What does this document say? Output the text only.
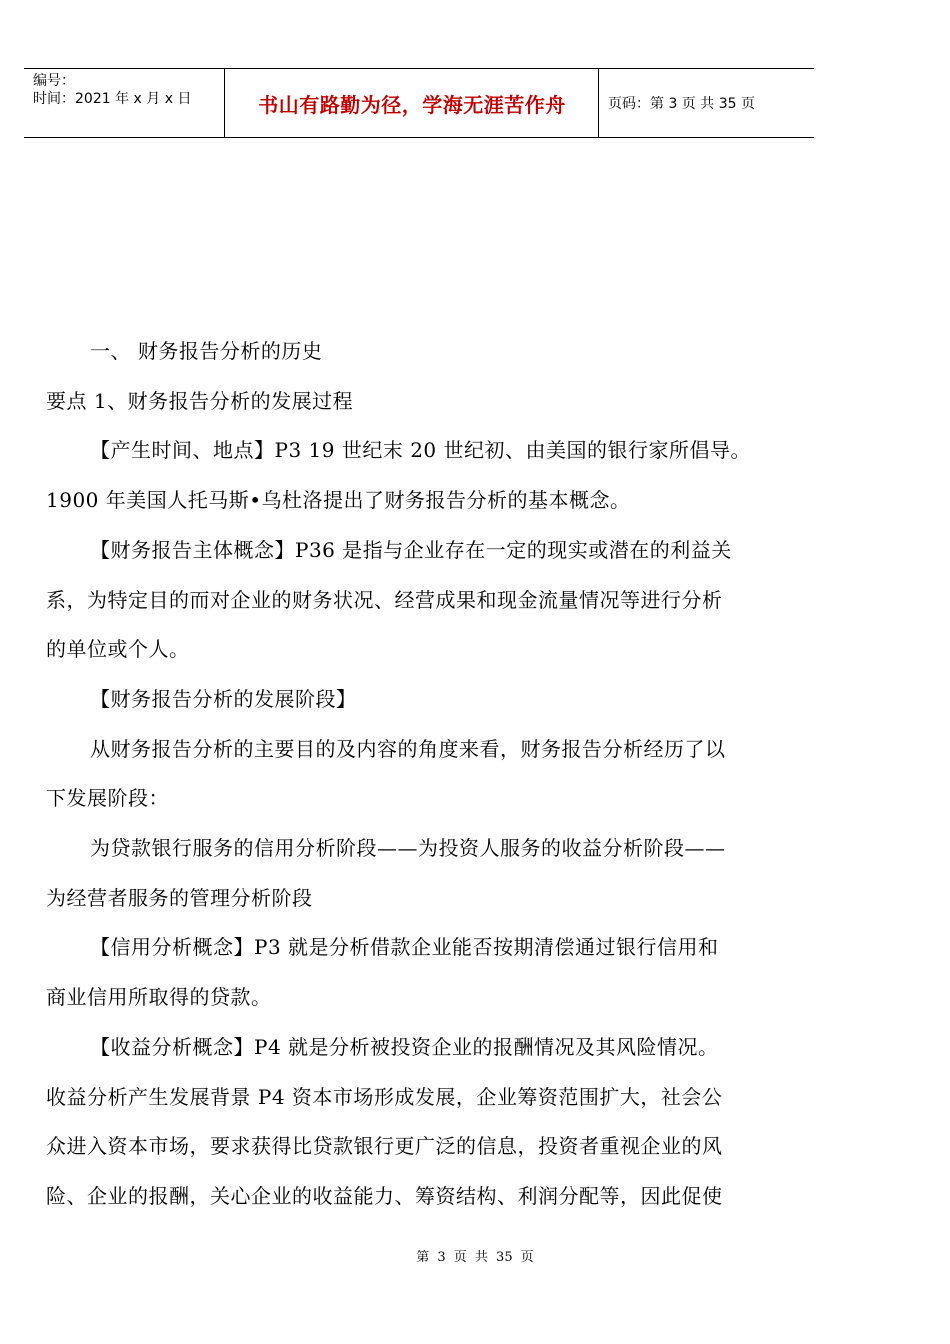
编号：
时间：2021 年 x 月 x 日	书山有路勤为径，学海无涯苦作舟	页码：第 3 页 共 35 页

一、 财务报告分析的历史

要点 1、财务报告分析的发展过程

【产生时间、地点】P3 19 世纪末 20 世纪初、由美国的银行家所倡导。

1900 年美国人托马斯•乌杜洛提出了财务报告分析的基本概念。

【财务报告主体概念】P36 是指与企业存在一定的现实或潜在的利益关

系，为特定目的而对企业的财务状况、经营成果和现金流量情况等进行分析

的单位或个人。

【财务报告分析的发展阶段】

从财务报告分析的主要目的及内容的角度来看，财务报告分析经历了以

下发展阶段：

为贷款银行服务的信用分析阶段——为投资人服务的收益分析阶段——

为经营者服务的管理分析阶段

【信用分析概念】P3 就是分析借款企业能否按期清偿通过银行信用和

商业信用所取得的贷款。

【收益分析概念】P4 就是分析被投资企业的报酬情况及其风险情况。

收益分析产生发展背景 P4 资本市场形成发展，企业筹资范围扩大，社会公

众进入资本市场，要求获得比贷款银行更广泛的信息，投资者重视企业的风

险、企业的报酬，关心企业的收益能力、筹资结构、利润分配等，因此促使

第 3 页 共 35 页
